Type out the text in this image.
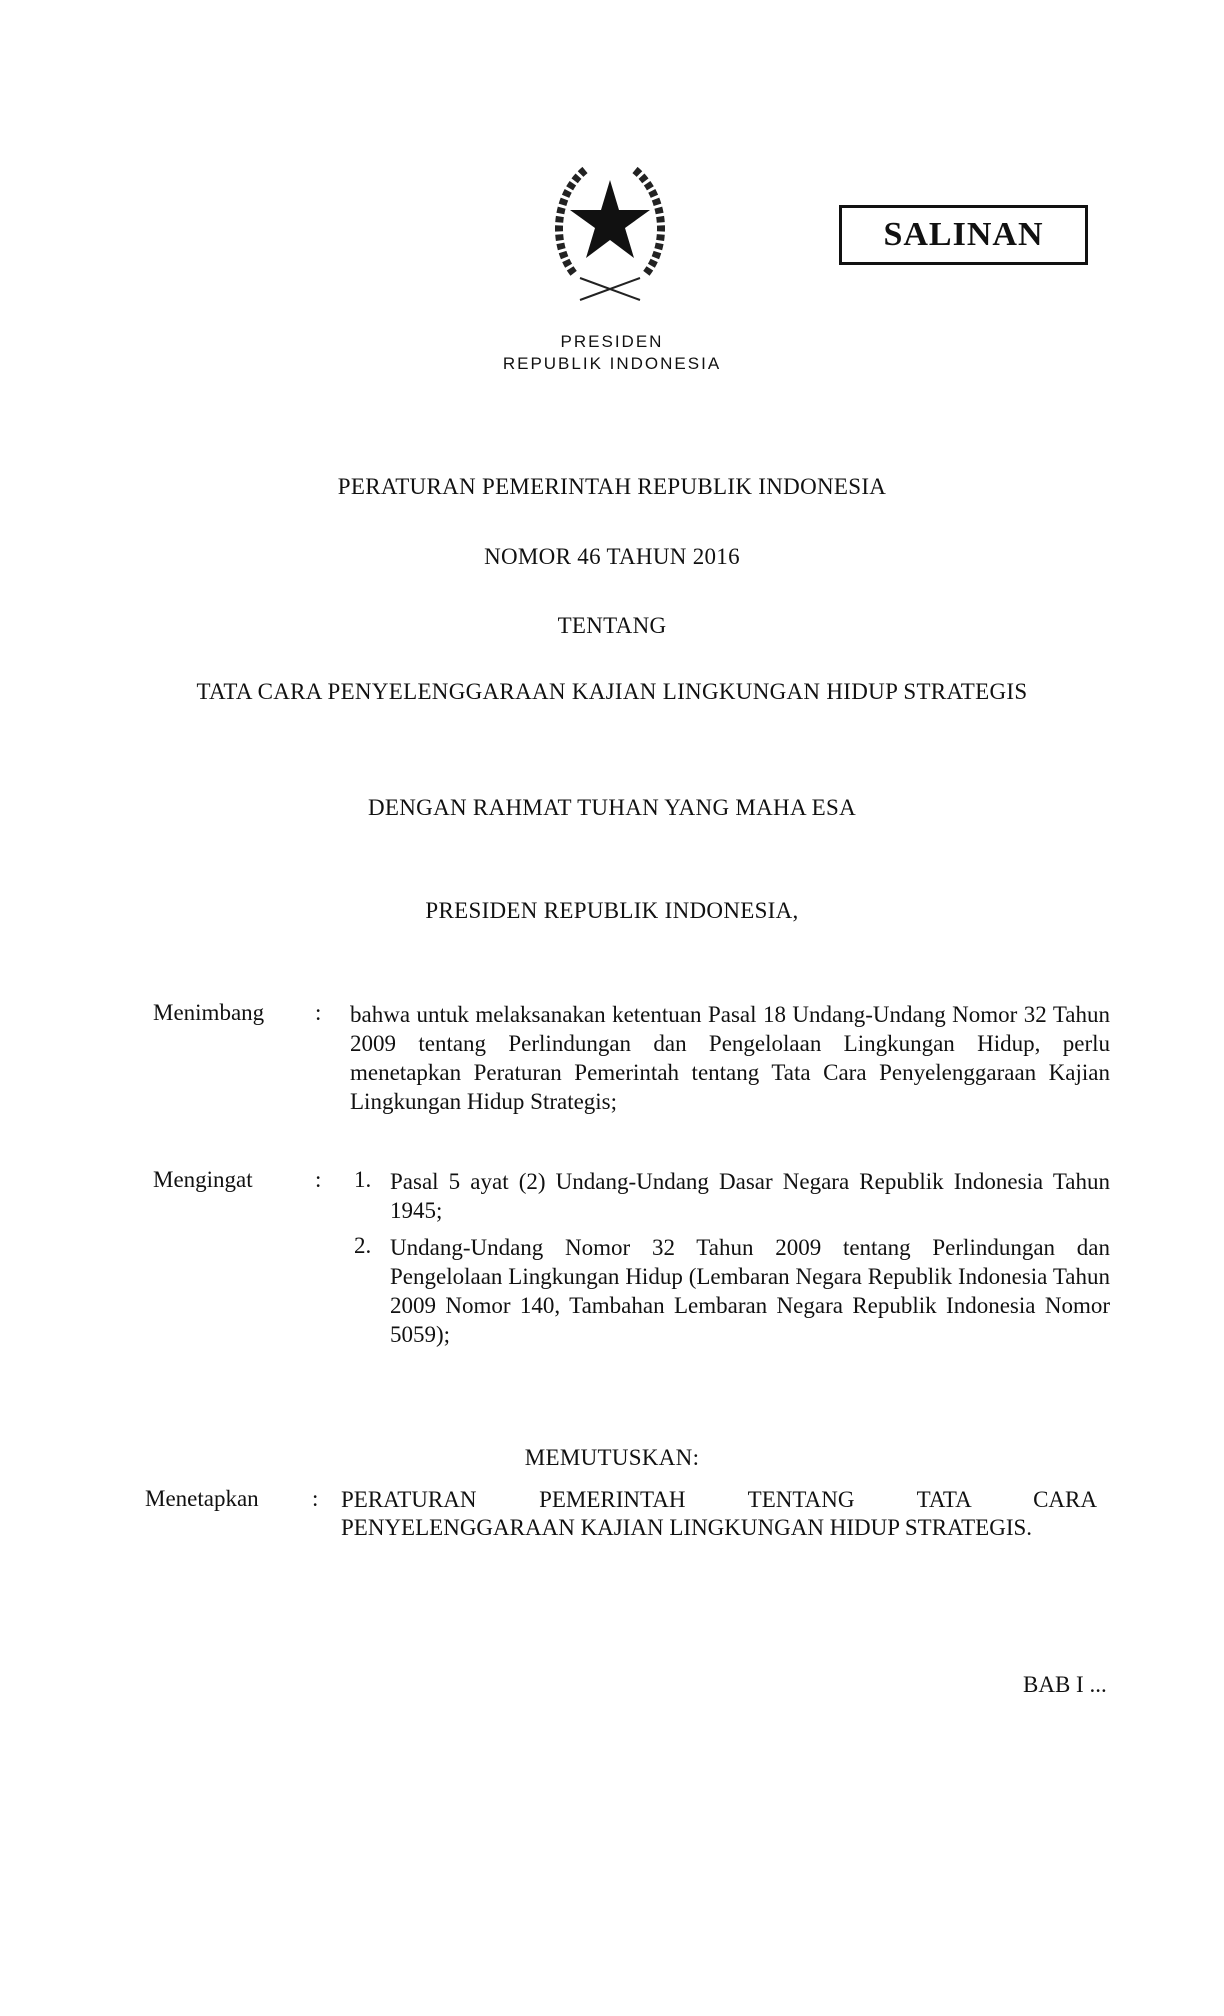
SALINAN
PRESIDEN
REPUBLIK INDONESIA
PERATURAN PEMERINTAH REPUBLIK INDONESIA
NOMOR 46 TAHUN 2016
TENTANG
TATA CARA PENYELENGGARAAN KAJIAN LINGKUNGAN HIDUP STRATEGIS
DENGAN RAHMAT TUHAN YANG MAHA ESA
PRESIDEN REPUBLIK INDONESIA,
Menimbang : bahwa untuk melaksanakan ketentuan Pasal 18 Undang-Undang Nomor 32 Tahun 2009 tentang Perlindungan dan Pengelolaan Lingkungan Hidup, perlu menetapkan Peraturan Pemerintah tentang Tata Cara Penyelenggaraan Kajian Lingkungan Hidup Strategis;
Mengingat	: 1. Pasal 5 ayat (2) Undang-Undang Dasar Negara Republik Indonesia Tahun 1945;
2. Undang-Undang Nomor 32 Tahun 2009 tentang Perlindungan dan Pengelolaan Lingkungan Hidup (Lembaran Negara Republik Indonesia Tahun 2009 Nomor 140, Tambahan Lembaran Negara Republik Indonesia Nomor 5059);
MEMUTUSKAN:
Menetapkan : PERATURAN PEMERINTAH TENTANG TATA CARA PENYELENGGARAAN KAJIAN LINGKUNGAN HIDUP STRATEGIS.
BAB I ...
